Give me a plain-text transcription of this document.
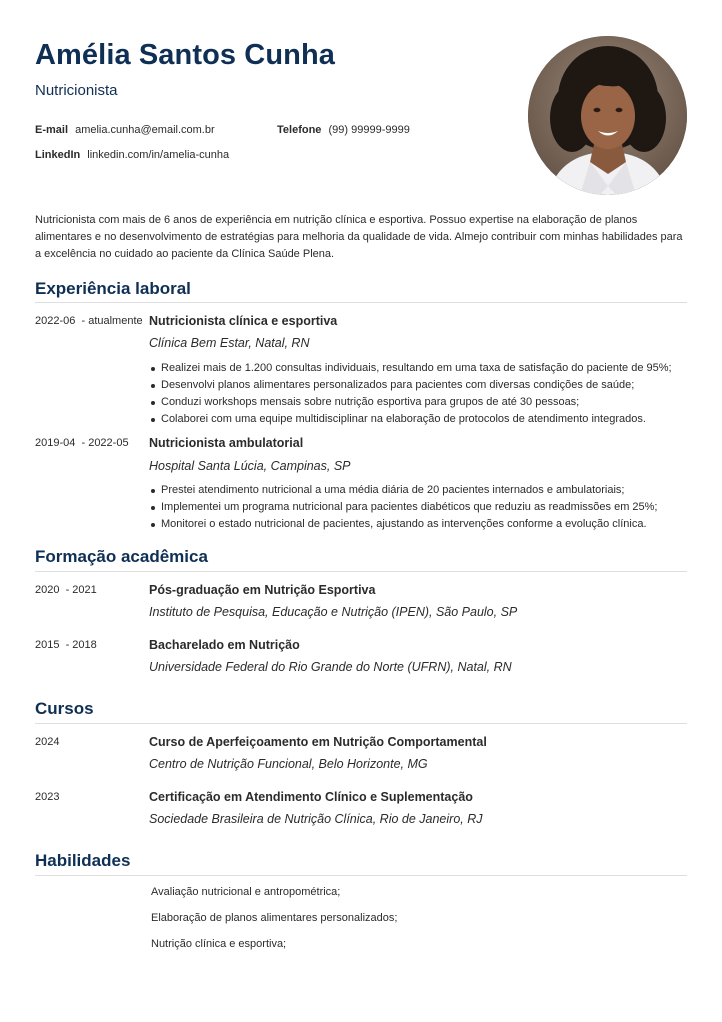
Amélia Santos Cunha
Nutricionista
E-mail amelia.cunha@email.com.br	Telefone (99) 99999-9999
LinkedIn linkedin.com/in/amelia-cunha

Nutricionista com mais de 6 anos de experiência em nutrição clínica e esportiva. Possuo expertise na elaboração de planos alimentares e no desenvolvimento de estratégias para melhoria da qualidade de vida. Almejo contribuir com minhas habilidades para a excelência no cuidado ao paciente da Clínica Saúde Plena.

Experiência laboral
2022-06  - atualmente Nutricionista clínica e esportiva
Clínica Bem Estar, Natal, RN
Realizei mais de 1.200 consultas individuais, resultando em uma taxa de satisfação do paciente de 95%;
Desenvolvi planos alimentares personalizados para pacientes com diversas condições de saúde;
Conduzi workshops mensais sobre nutrição esportiva para grupos de até 30 pessoas;
Colaborei com uma equipe multidisciplinar na elaboração de protocolos de atendimento integrados.
2019-04  - 2022-05 Nutricionista ambulatorial
Hospital Santa Lúcia, Campinas, SP
Prestei atendimento nutricional a uma média diária de 20 pacientes internados e ambulatoriais;
Implementei um programa nutricional para pacientes diabéticos que reduziu as readmissões em 25%;
Monitorei o estado nutricional de pacientes, ajustando as intervenções conforme a evolução clínica.
Formação acadêmica
2020  - 2021	Pós-graduação em Nutrição Esportiva
Instituto de Pesquisa, Educação e Nutrição (IPEN), São Paulo, SP
2015  - 2018	Bacharelado em Nutrição
Universidade Federal do Rio Grande do Norte (UFRN), Natal, RN
Cursos
2024	Curso de Aperfeiçoamento em Nutrição Comportamental
Centro de Nutrição Funcional, Belo Horizonte, MG
2023	Certificação em Atendimento Clínico e Suplementação
Sociedade Brasileira de Nutrição Clínica, Rio de Janeiro, RJ
Habilidades
Avaliação nutricional e antropométrica;
Elaboração de planos alimentares personalizados;
Nutrição clínica e esportiva;
